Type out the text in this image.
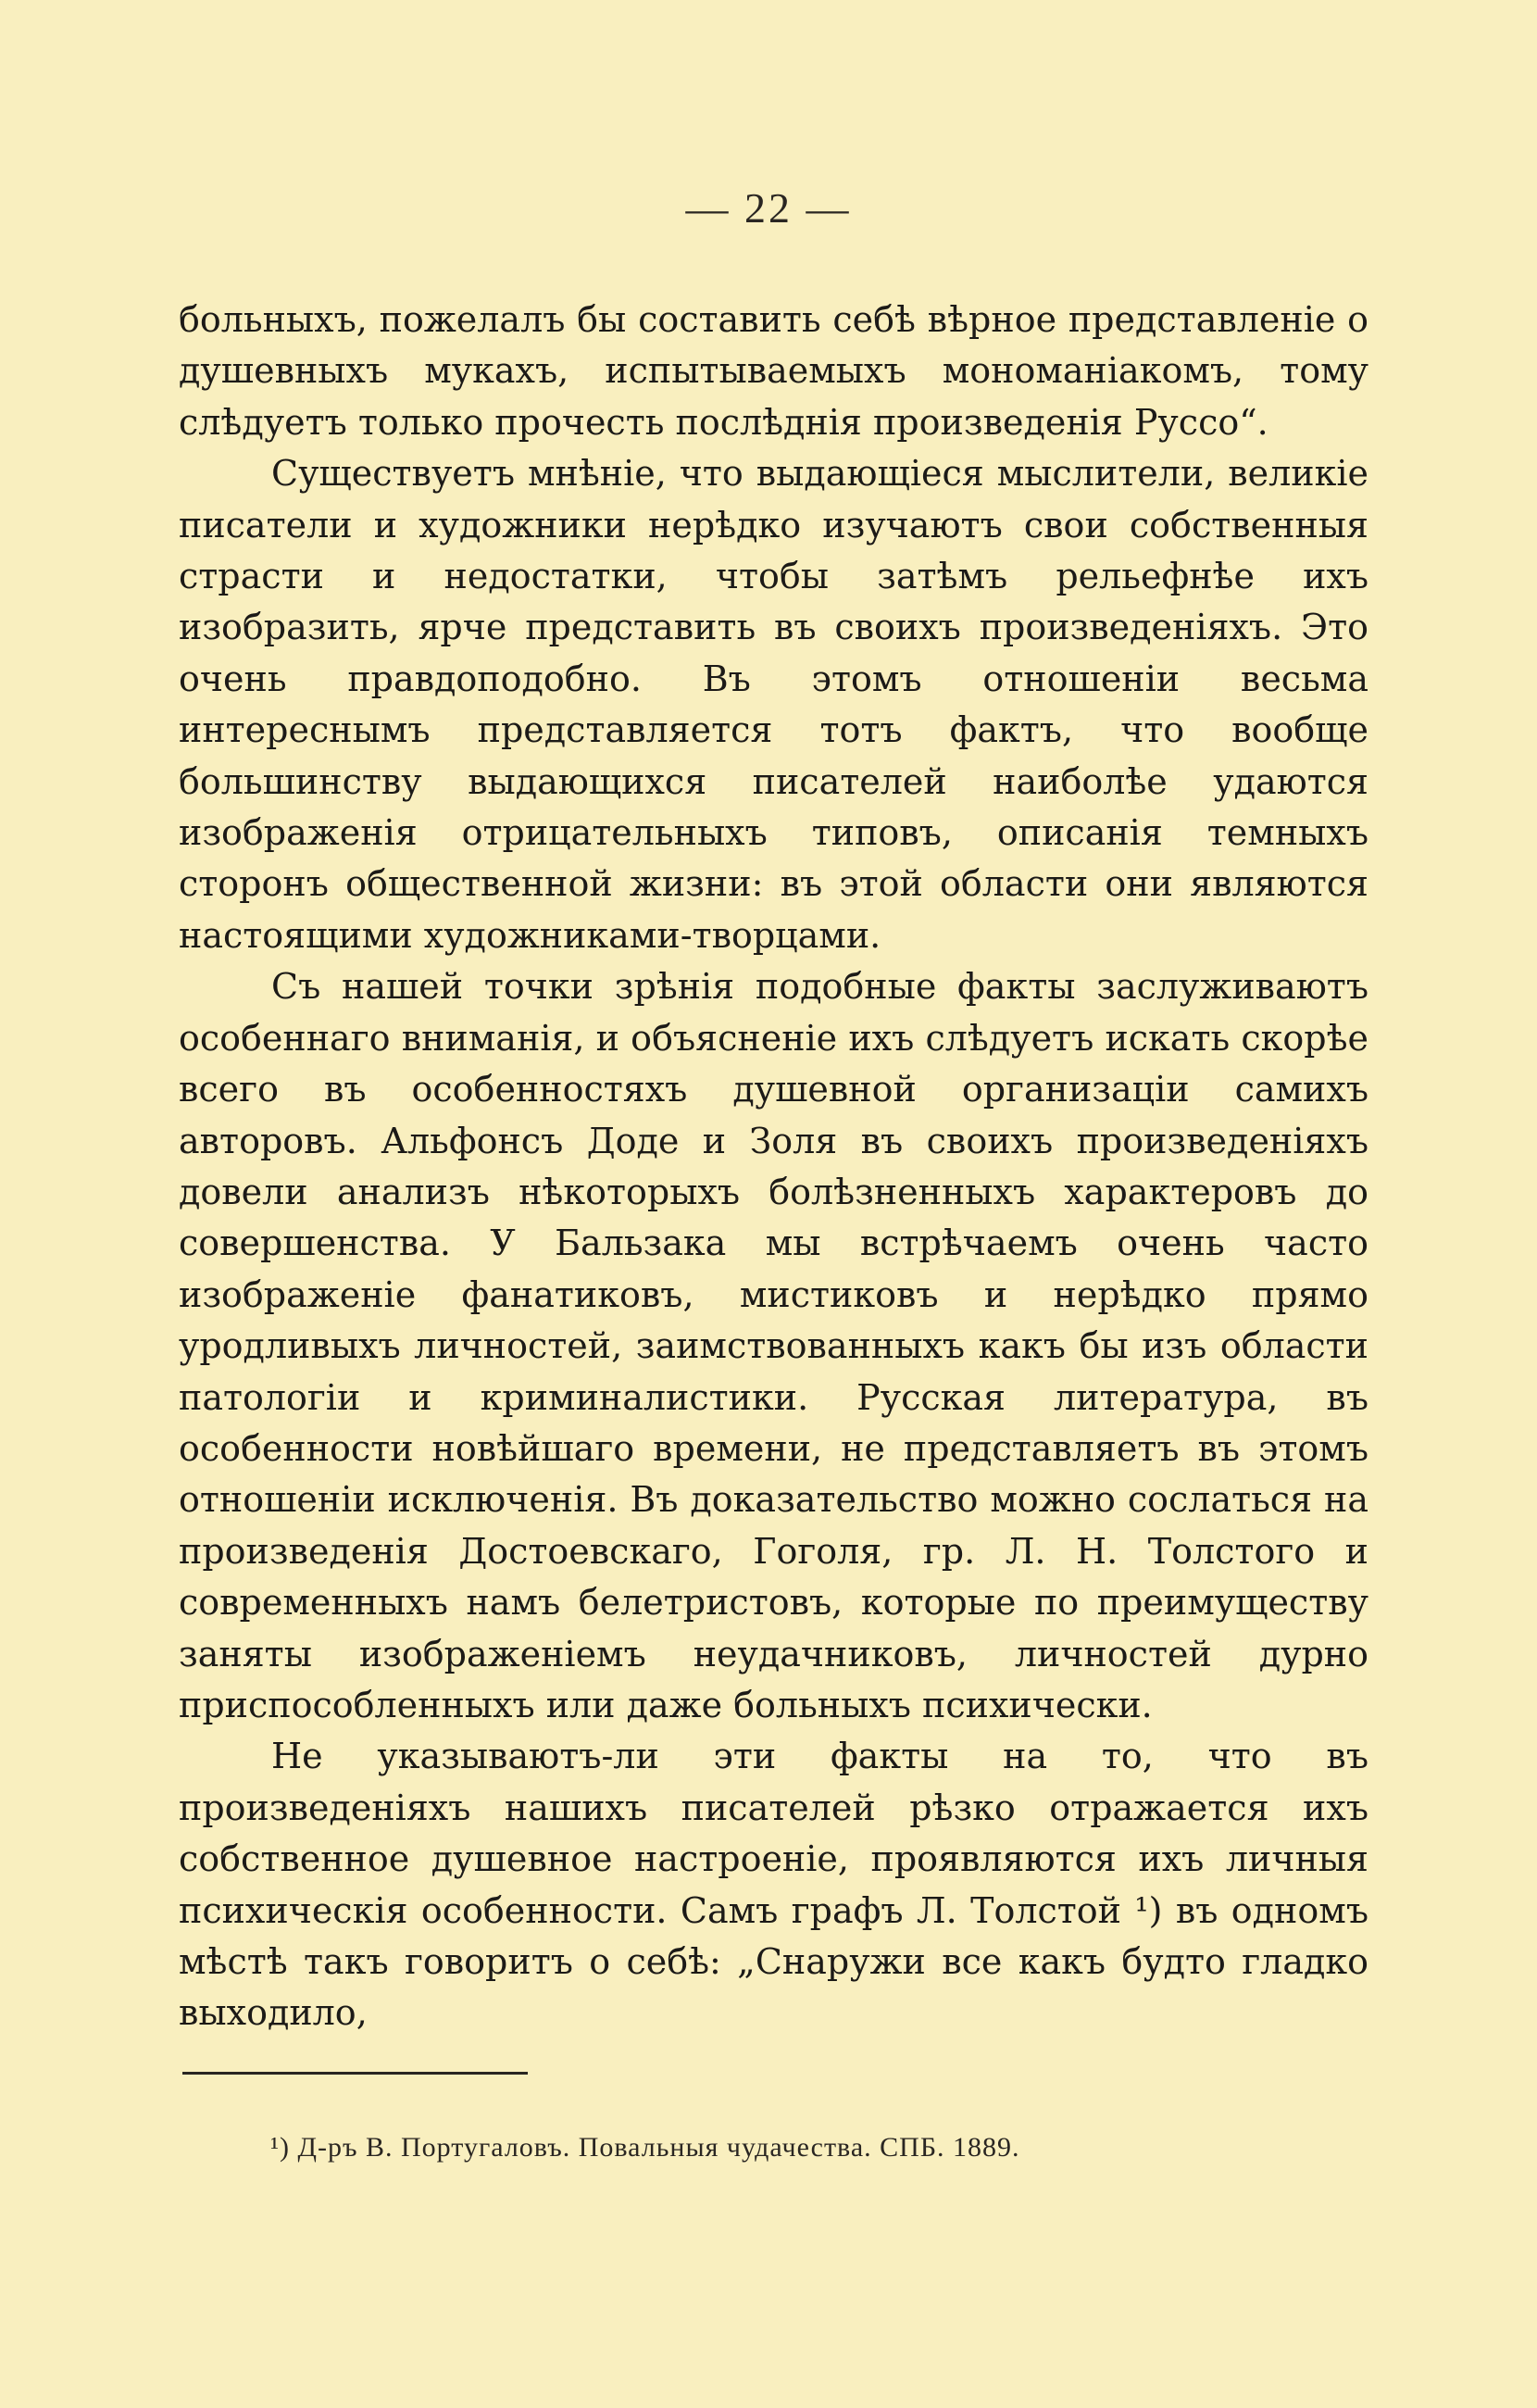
— 22 —

больныхъ, пожелалъ бы составить себѣ вѣрное представленіе о душевныхъ мукахъ, испытываемыхъ мономаніакомъ, тому слѣдуетъ только прочесть послѣднія произведенія Руссо“.

Существуетъ мнѣніе, что выдающіеся мыслители, великіе писатели и художники нерѣдко изучаютъ свои собственныя страсти и недостатки, чтобы затѣмъ рельефнѣе ихъ изобразить, ярче представить въ своихъ произведеніяхъ. Это очень правдоподобно. Въ этомъ отношеніи весьма интереснымъ представляется тотъ фактъ, что вообще большинству выдающихся писателей наиболѣе удаются изображенія отрицательныхъ типовъ, описанія темныхъ сторонъ общественной жизни: въ этой области они являются настоящими художниками-творцами.

Съ нашей точки зрѣнія подобные факты заслуживаютъ особеннаго вниманія, и объясненіе ихъ слѣдуетъ искать скорѣе всего въ особенностяхъ душевной организаціи самихъ авторовъ. Альфонсъ Доде и Золя въ своихъ произведеніяхъ довели анализъ нѣкоторыхъ болѣзненныхъ характеровъ до совершенства. У Бальзака мы встрѣчаемъ очень часто изображеніе фанатиковъ, мистиковъ и нерѣдко прямо уродливыхъ личностей, заимствованныхъ какъ бы изъ области патологіи и криминалистики. Русская литература, въ особенности новѣйшаго времени, не представляетъ въ этомъ отношеніи исключенія. Въ доказательство можно сослаться на произведенія Достоевскаго, Гоголя, гр. Л. Н. Толстого и современныхъ намъ белетристовъ, которые по преимуществу заняты изображеніемъ неудачниковъ, личностей дурно приспособленныхъ или даже больныхъ психически.

Не указываютъ-ли эти факты на то, что въ произведеніяхъ нашихъ писателей рѣзко отражается ихъ собственное душевное настроеніе, проявляются ихъ личныя психическія особенности. Самъ графъ Л. Толстой ¹) въ одномъ мѣстѣ такъ говоритъ о себѣ: „Снаружи все какъ будто гладко выходило,

¹) Д-ръ В. Португаловъ. Повальныя чудачества. СПБ. 1889.
